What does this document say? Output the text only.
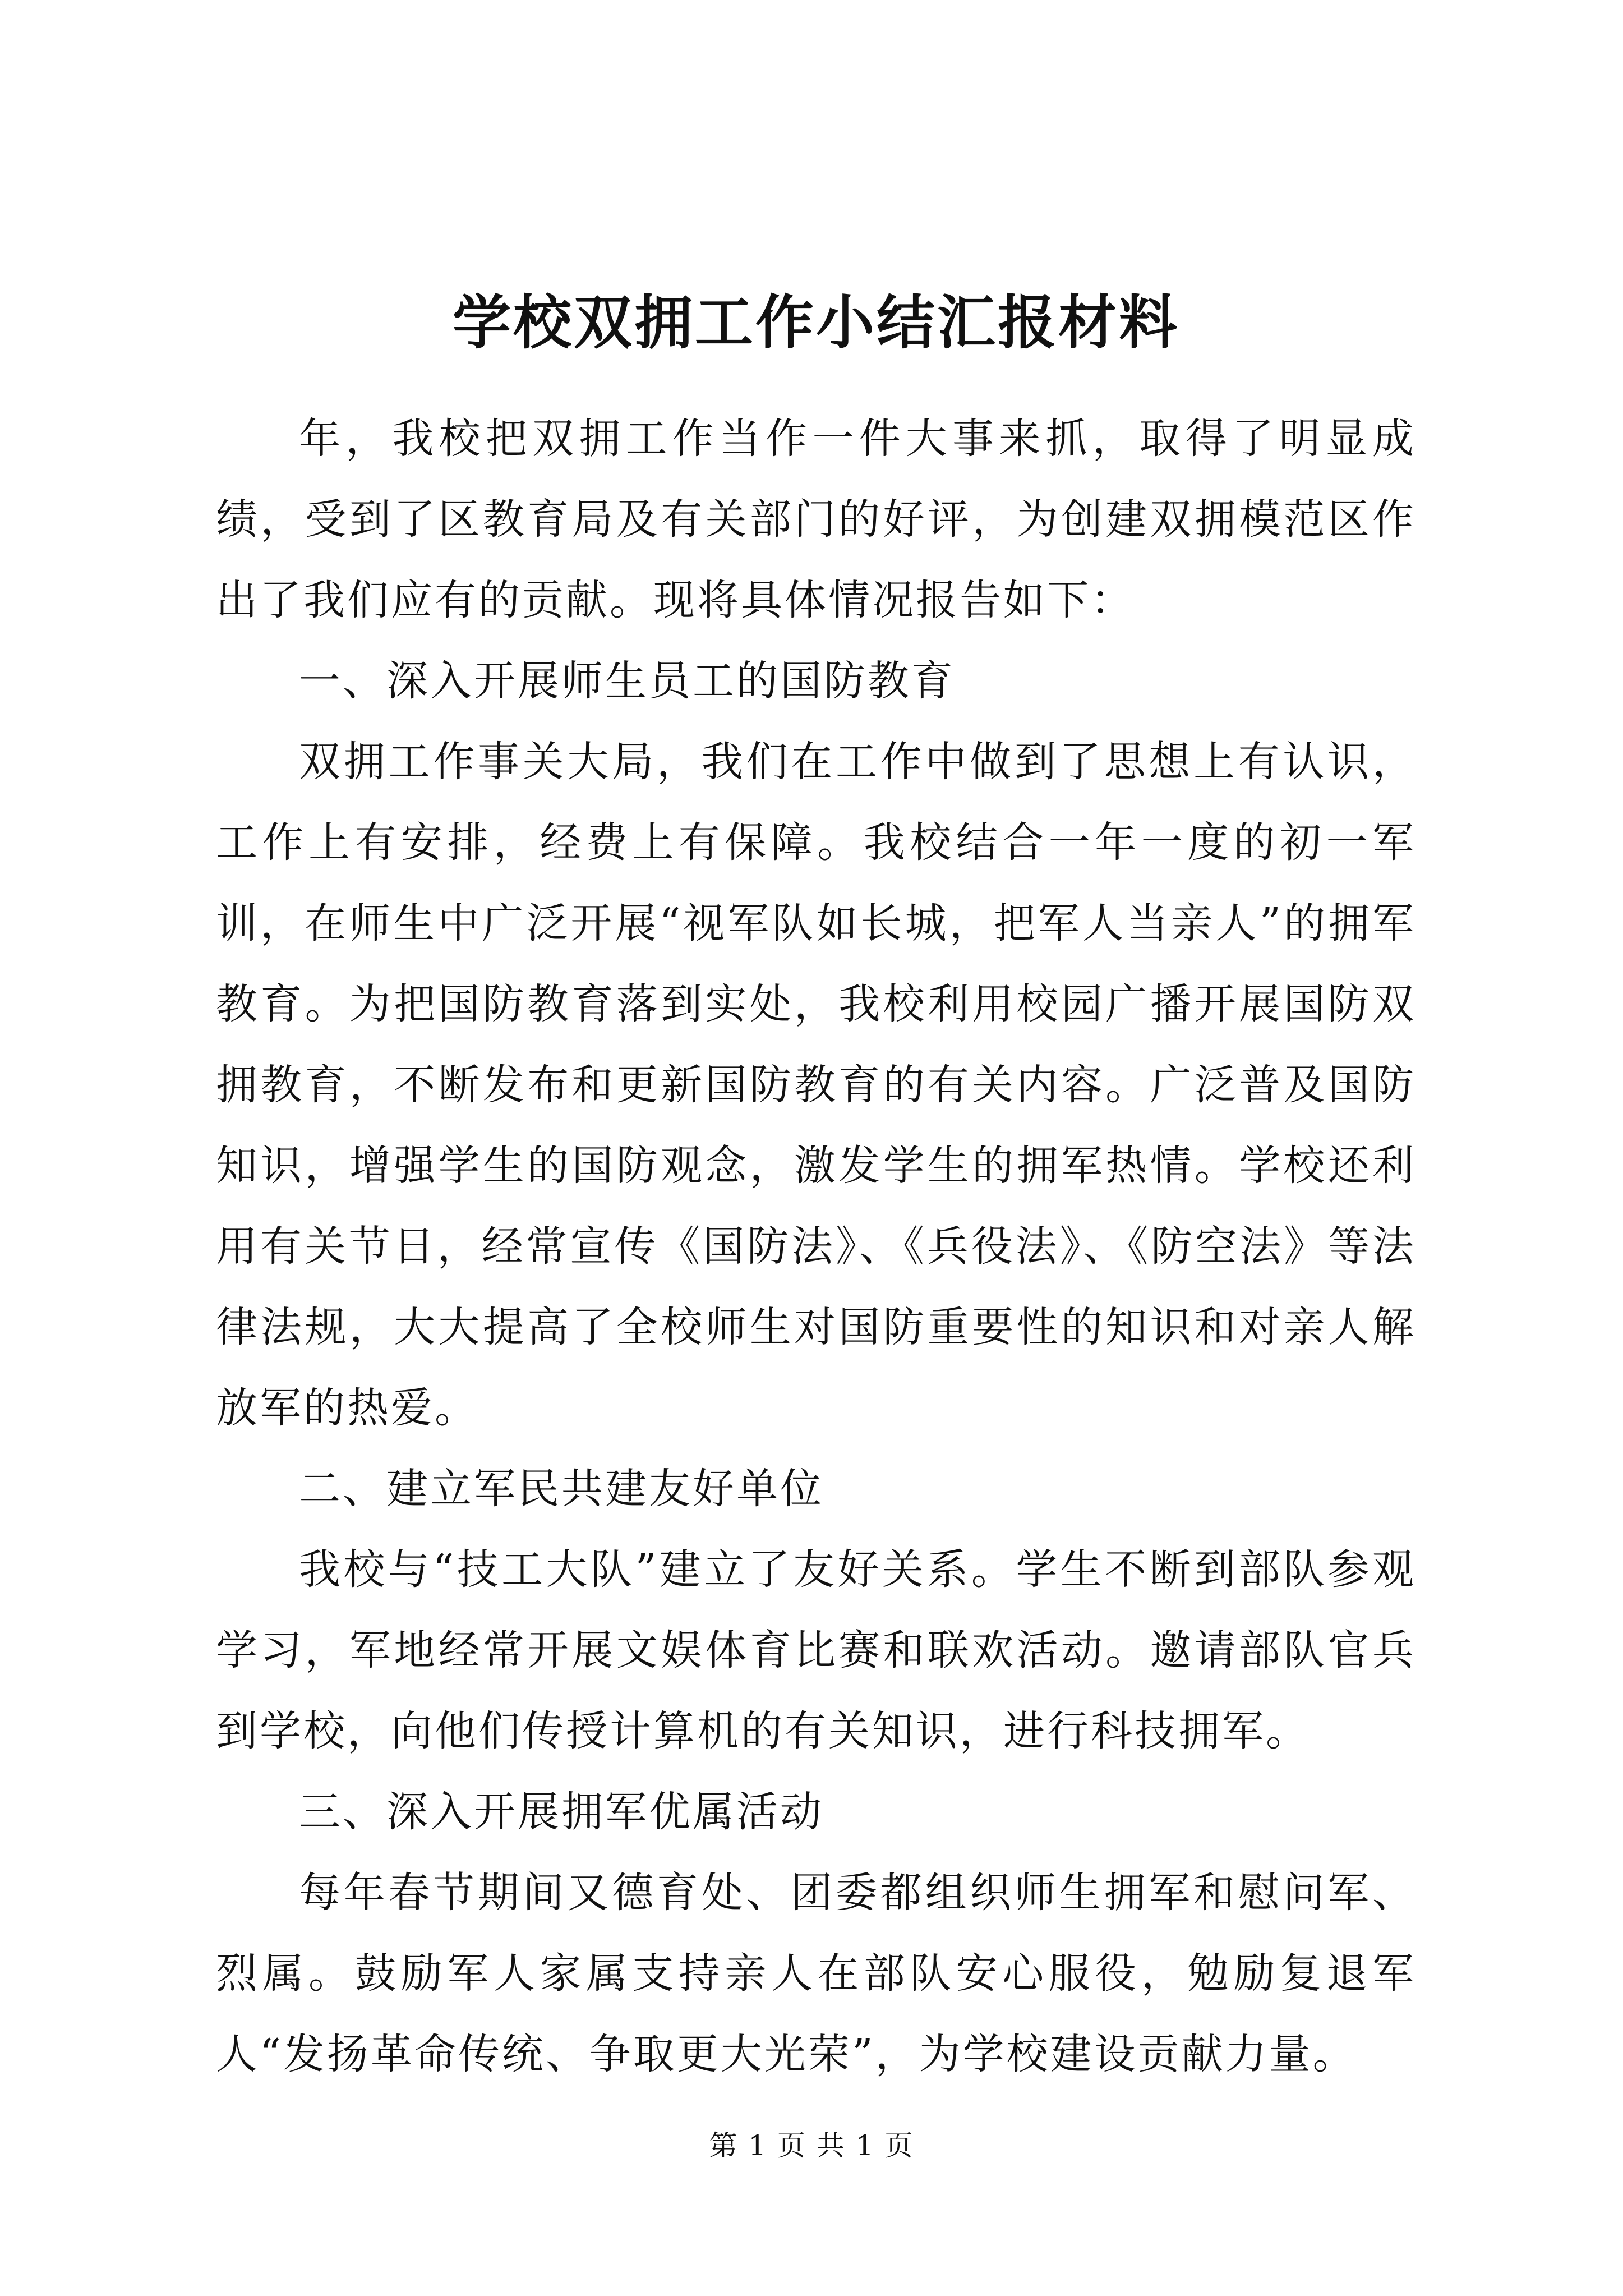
学校双拥工作小结汇报材料

年，我校把双拥工作当作一件大事来抓，取得了明显成绩，受到了区教育局及有关部门的好评，为创建双拥模范区作出了我们应有的贡献。现将具体情况报告如下：

一、深入开展师生员工的国防教育

双拥工作事关大局，我们在工作中做到了思想上有认识，工作上有安排，经费上有保障。我校结合一年一度的初一军训，在师生中广泛开展“视军队如长城，把军人当亲人”的拥军教育。为把国防教育落到实处，我校利用校园广播开展国防双拥教育，不断发布和更新国防教育的有关内容。广泛普及国防知识，增强学生的国防观念，激发学生的拥军热情。学校还利用有关节日，经常宣传《国防法》、《兵役法》、《防空法》等法律法规，大大提高了全校师生对国防重要性的知识和对亲人解放军的热爱。

二、建立军民共建友好单位

我校与“技工大队”建立了友好关系。学生不断到部队参观学习，军地经常开展文娱体育比赛和联欢活动。邀请部队官兵到学校，向他们传授计算机的有关知识，进行科技拥军。

三、深入开展拥军优属活动

每年春节期间又德育处、团委都组织师生拥军和慰问军、烈属。鼓励军人家属支持亲人在部队安心服役，勉励复退军人“发扬革命传统、争取更大光荣”，为学校建设贡献力量。

第 1 页 共 1 页
